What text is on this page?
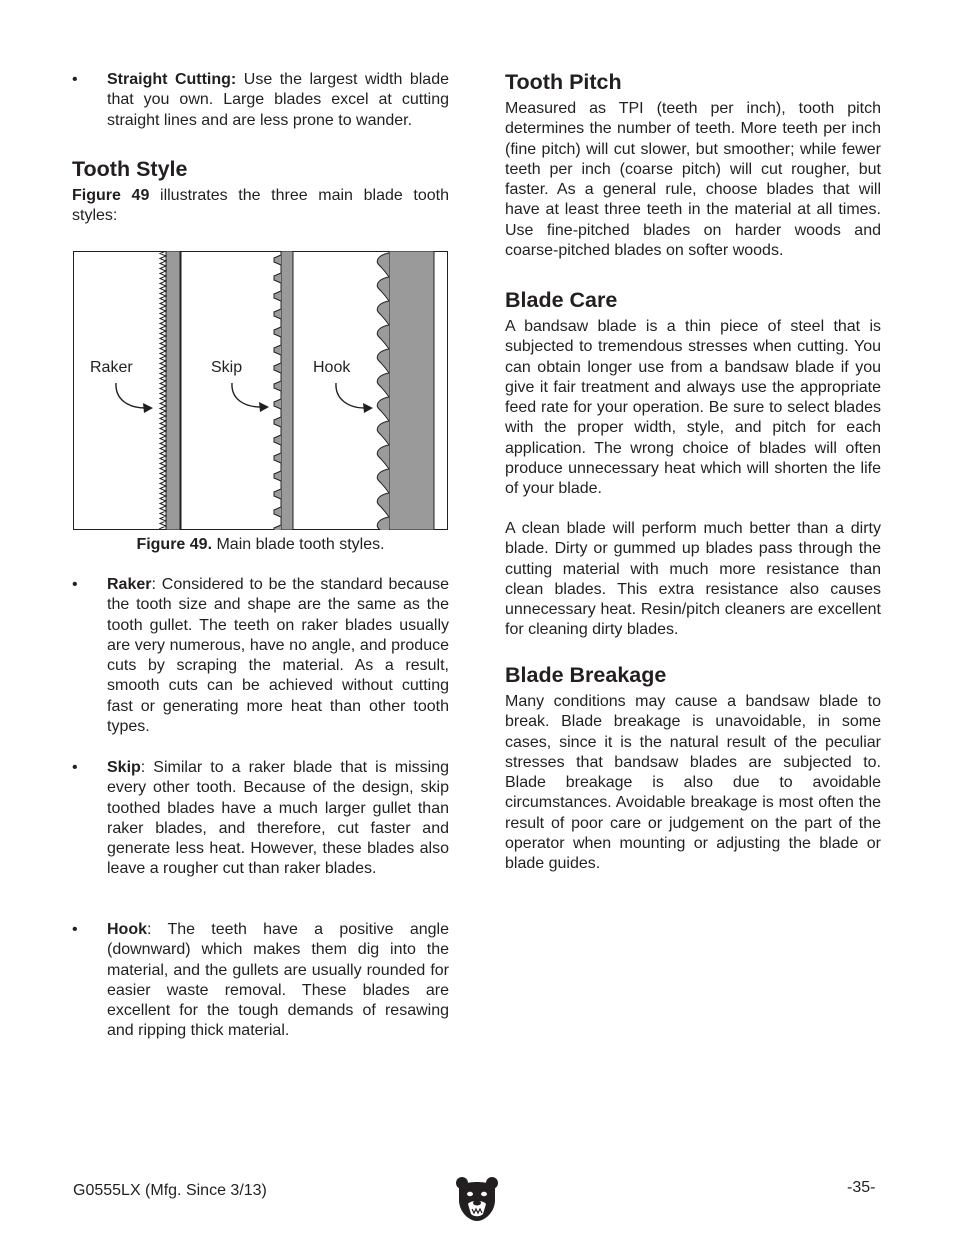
• Straight Cutting: Use the largest width blade that you own. Large blades excel at cutting straight lines and are less prone to wander.
Tooth Style

Figure 49 illustrates the three main blade tooth styles:

Raker	Skip	Hook
Figure 49. Main blade tooth styles.
• Raker: Considered to be the standard because the tooth size and shape are the same as the tooth gullet. The teeth on raker blades usually are very numerous, have no angle, and produce cuts by scraping the material. As a result, smooth cuts can be achieved without cutting fast or generating more heat than other tooth types.
• Skip: Similar to a raker blade that is missing every other tooth. Because of the design, skip toothed blades have a much larger gullet than raker blades, and therefore, cut faster and generate less heat. However, these blades also leave a rougher cut than raker blades.
• Hook: The teeth have a positive angle (downward) which makes them dig into the material, and the gullets are usually rounded for easier waste removal. These blades are excellent for the tough demands of resawing and ripping thick material.
Tooth Pitch

Measured as TPI (teeth per inch), tooth pitch determines the number of teeth. More teeth per inch (fine pitch) will cut slower, but smoother; while fewer teeth per inch (coarse pitch) will cut rougher, but faster. As a general rule, choose blades that will have at least three teeth in the material at all times. Use fine-pitched blades on harder woods and coarse-pitched blades on softer woods.

Blade Care

A bandsaw blade is a thin piece of steel that is subjected to tremendous stresses when cutting. You can obtain longer use from a bandsaw blade if you give it fair treatment and always use the appropriate feed rate for your operation. Be sure to select blades with the proper width, style, and pitch for each application. The wrong choice of blades will often produce unnecessary heat which will shorten the life of your blade.

A clean blade will perform much better than a dirty blade. Dirty or gummed up blades pass through the cutting material with much more resistance than clean blades. This extra resistance also causes unnecessary heat. Resin/pitch cleaners are excellent for cleaning dirty blades.

Blade Breakage

Many conditions may cause a bandsaw blade to break. Blade breakage is unavoidable, in some cases, since it is the natural result of the peculiar stresses that bandsaw blades are subjected to. Blade breakage is also due to avoidable circumstances. Avoidable breakage is most often the result of poor care or judgement on the part of the operator when mounting or adjusting the blade or blade guides.

G0555LX (Mfg. Since 3/13)	-35-
